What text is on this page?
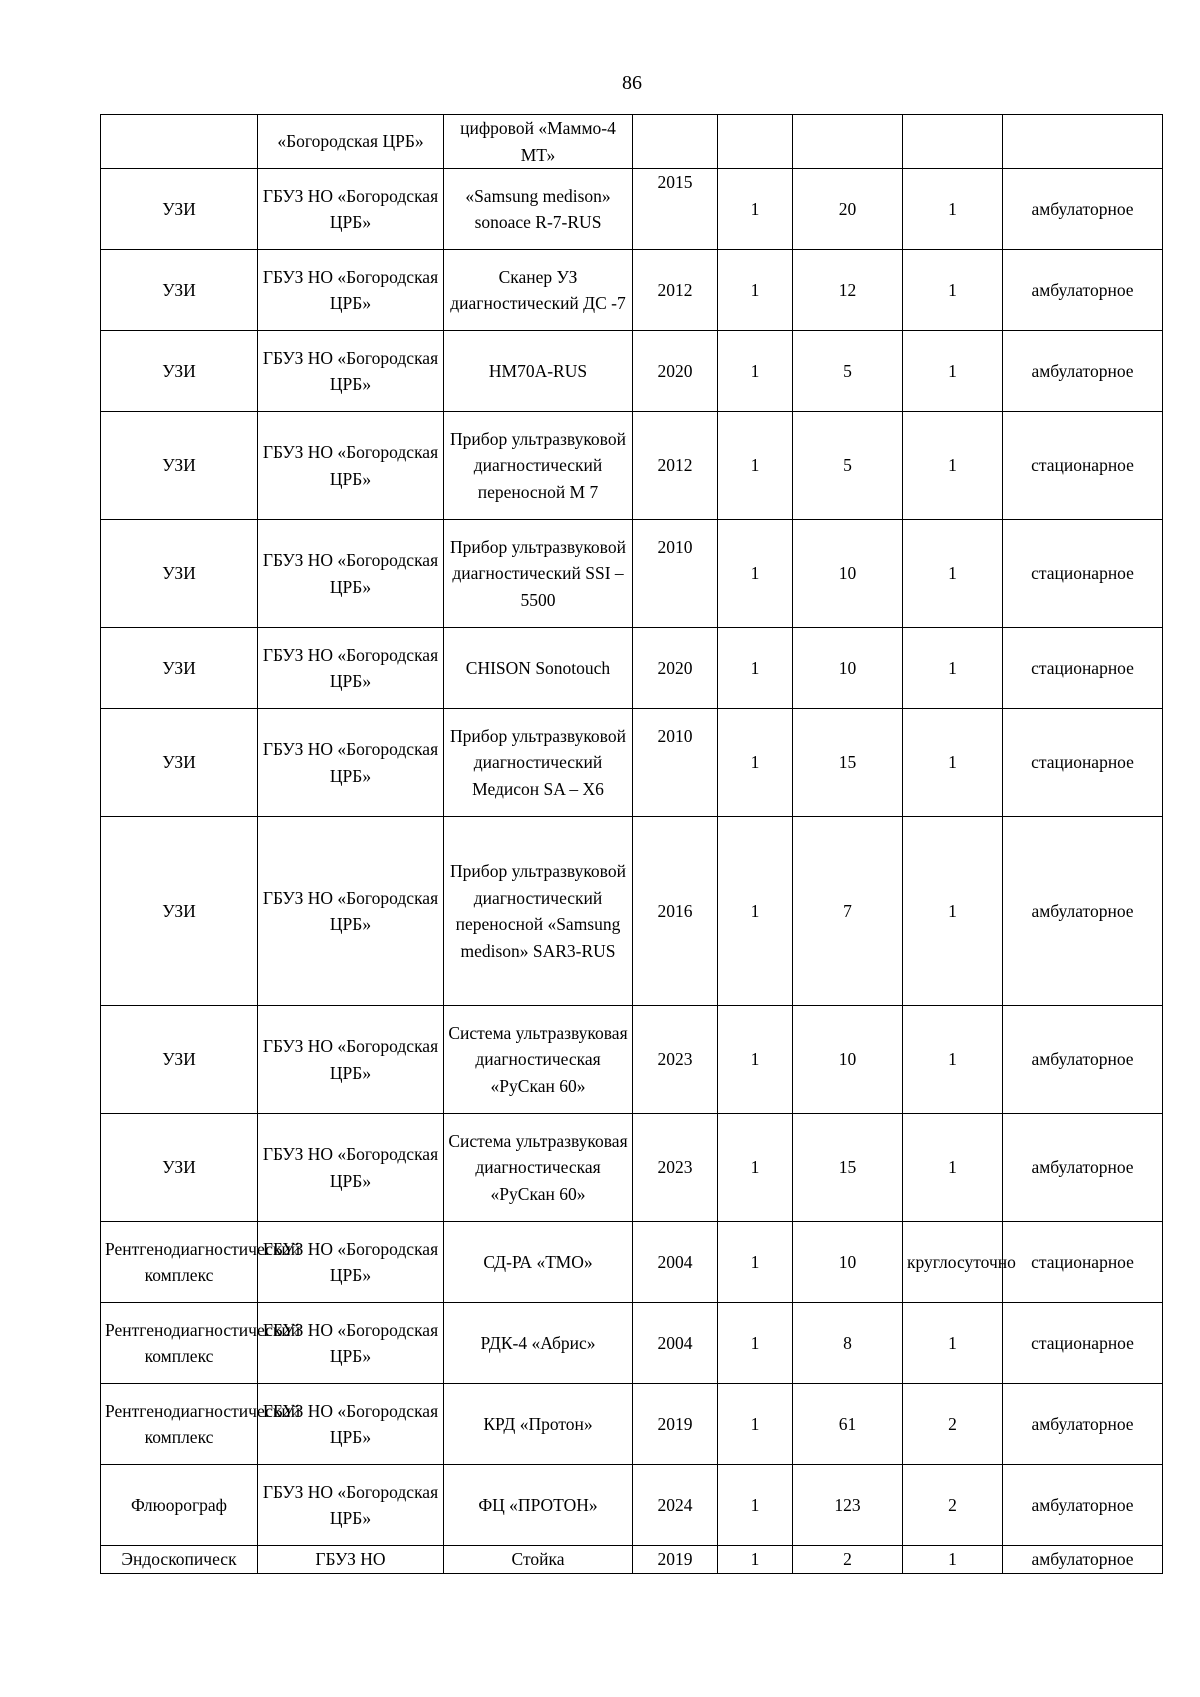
86
	«Богородская ЦРБ»	цифровой «Маммо-4 МТ»					
УЗИ	ГБУЗ НО «Богородская ЦРБ»	«Samsung medison» sonoace R-7-RUS	2015	1	20	1	амбулаторное
УЗИ	ГБУЗ НО «Богородская ЦРБ»	Сканер УЗ диагностический ДС -7	2012	1	12	1	амбулаторное
УЗИ	ГБУЗ НО «Богородская ЦРБ»	HM70A-RUS	2020	1	5	1	амбулаторное
УЗИ	ГБУЗ НО «Богородская ЦРБ»	Прибор ультразвуковой диагностический переносной М 7	2012	1	5	1	стационарное
УЗИ	ГБУЗ НО «Богородская ЦРБ»	Прибор ультразвуковой диагностический SSI – 5500	2010	1	10	1	стационарное
УЗИ	ГБУЗ НО «Богородская ЦРБ»	CHISON Sonotouch	2020	1	10	1	стационарное
УЗИ	ГБУЗ НО «Богородская ЦРБ»	Прибор ультразвуковой диагностический Медисон SA – X6	2010	1	15	1	стационарное
УЗИ	ГБУЗ НО «Богородская ЦРБ»	Прибор ультразвуковой диагностический переносной «Samsung medison» SAR3-RUS	2016	1	7	1	амбулаторное
УЗИ	ГБУЗ НО «Богородская ЦРБ»	Система ультразвуковая диагностическая «РуСкан 60»	2023	1	10	1	амбулаторное
УЗИ	ГБУЗ НО «Богородская ЦРБ»	Система ультразвуковая диагностическая «РуСкан 60»	2023	1	15	1	амбулаторное
Рентгенодиагностический комплекс	ГБУЗ НО «Богородская ЦРБ»	СД-РА «ТМО»	2004	1	10	круглосуточно	стационарное
Рентгенодиагностический комплекс	ГБУЗ НО «Богородская ЦРБ»	РДК-4 «Абрис»	2004	1	8	1	стационарное
Рентгенодиагностический комплекс	ГБУЗ НО «Богородская ЦРБ»	КРД «Протон»	2019	1	61	2	амбулаторное
Флюорограф	ГБУЗ НО «Богородская ЦРБ»	ФЦ «ПРОТОН»	2024	1	123	2	амбулаторное
Эндоскопическ	ГБУЗ НО	Стойка	2019	1	2	1	амбулаторное
